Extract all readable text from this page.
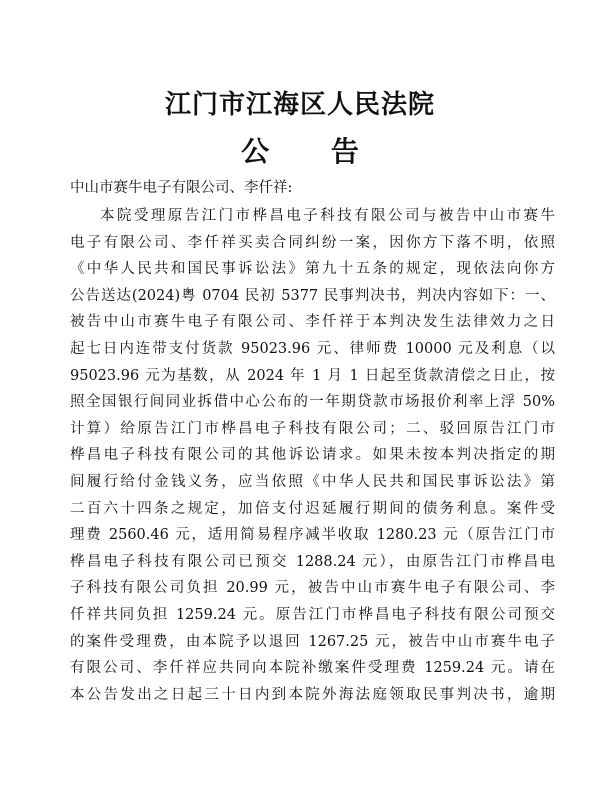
江门市江海区人民法院
公 告
中山市赛牛电子有限公司、李仟祥:
本院受理原告江门市桦昌电子科技有限公司与被告中山市赛牛
电子有限公司、李仟祥买卖合同纠纷一案，因你方下落不明，依照
《中华人民共和国民事诉讼法》第九十五条的规定，现依法向你方
公告送达(2024)粤 0704 民初 5377 民事判决书，判决内容如下：一、
被告中山市赛牛电子有限公司、李仟祥于本判决发生法律效力之日
起七日内连带支付货款 95023.96 元、律师费 10000 元及利息（以
95023.96 元为基数，从 2024 年 1 月 1 日起至货款清偿之日止，按
照全国银行间同业拆借中心公布的一年期贷款市场报价利率上浮 50%
计算）给原告江门市桦昌电子科技有限公司；二、驳回原告江门市
桦昌电子科技有限公司的其他诉讼请求。如果未按本判决指定的期
间履行给付金钱义务，应当依照《中华人民共和国民事诉讼法》第
二百六十四条之规定，加倍支付迟延履行期间的债务利息。案件受
理费 2560.46 元，适用简易程序减半收取 1280.23 元（原告江门市
桦昌电子科技有限公司已预交 1288.24 元），由原告江门市桦昌电
子科技有限公司负担 20.99 元，被告中山市赛牛电子有限公司、李
仟祥共同负担 1259.24 元。原告江门市桦昌电子科技有限公司预交
的案件受理费，由本院予以退回 1267.25 元，被告中山市赛牛电子
有限公司、李仟祥应共同向本院补缴案件受理费 1259.24 元。请在
本公告发出之日起三十日内到本院外海法庭领取民事判决书，逾期
